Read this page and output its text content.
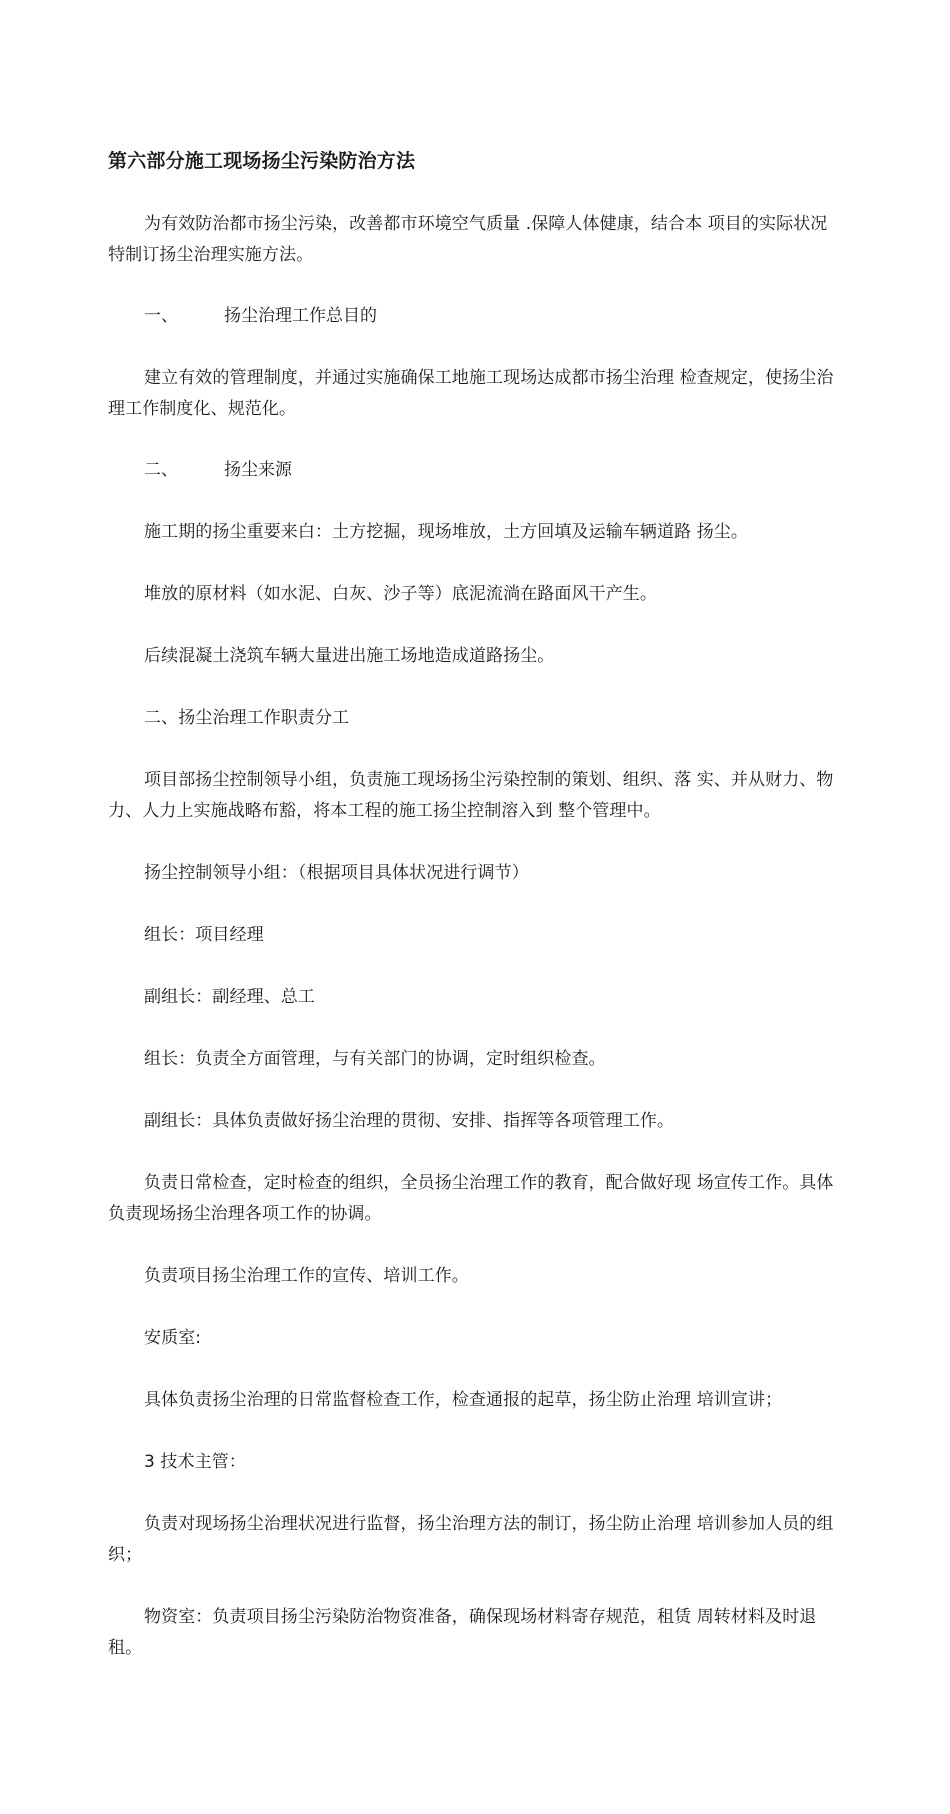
第六部分施工现场扬尘污染防治方法

为有效防治都市扬尘污染，改善都市环境空气质量 .保障人体健康，结合本 项目的实际状况特制订扬尘治理实施方法。

一、	扬尘治理工作总目的

建立有效的管理制度，并通过实施确保工地施工现场达成都市扬尘治理 检查规定，使扬尘治理工作制度化、规范化。

二、	扬尘来源

施工期的扬尘重要来白：土方挖掘，现场堆放，土方回填及运输车辆道路 扬尘。

堆放的原材料（如水泥、白灰、沙子等）底泥流淌在路面风干产生。

后续混凝土浇筑车辆大量进出施工场地造成道路扬尘。

二、扬尘治理工作职责分工

项目部扬尘控制领导小组，负责施工现场扬尘污染控制的策划、组织、落 实、并从财力、物力、人力上实施战略布豁，将本工程的施工扬尘控制溶入到 整个管理中。

扬尘控制领导小组：（根据项目具体状况进行调节）

组长：项目经理

副组长：副经理、总工

组长：负责全方面管理，与有关部门的协调，定时组织检查。

副组长：具体负责做好扬尘治理的贯彻、安排、指挥等各项管理工作。

负责日常检查，定时检查的组织，全员扬尘治理工作的教育，配合做好现 场宣传工作。具体负责现场扬尘治理各项工作的协调。

负责项目扬尘治理工作的宣传、培训工作。

安质室:

具体负责扬尘治理的日常监督检查工作，检查通报的起草，扬尘防止治理 培训宣讲；

3 技术主管：

负责对现场扬尘治理状况进行监督，扬尘治理方法的制订，扬尘防止治理 培训参加人员的组织；

物资室：负责项目扬尘污染防治物资准备，确保现场材料寄存规范，租赁 周转材料及时退租。
